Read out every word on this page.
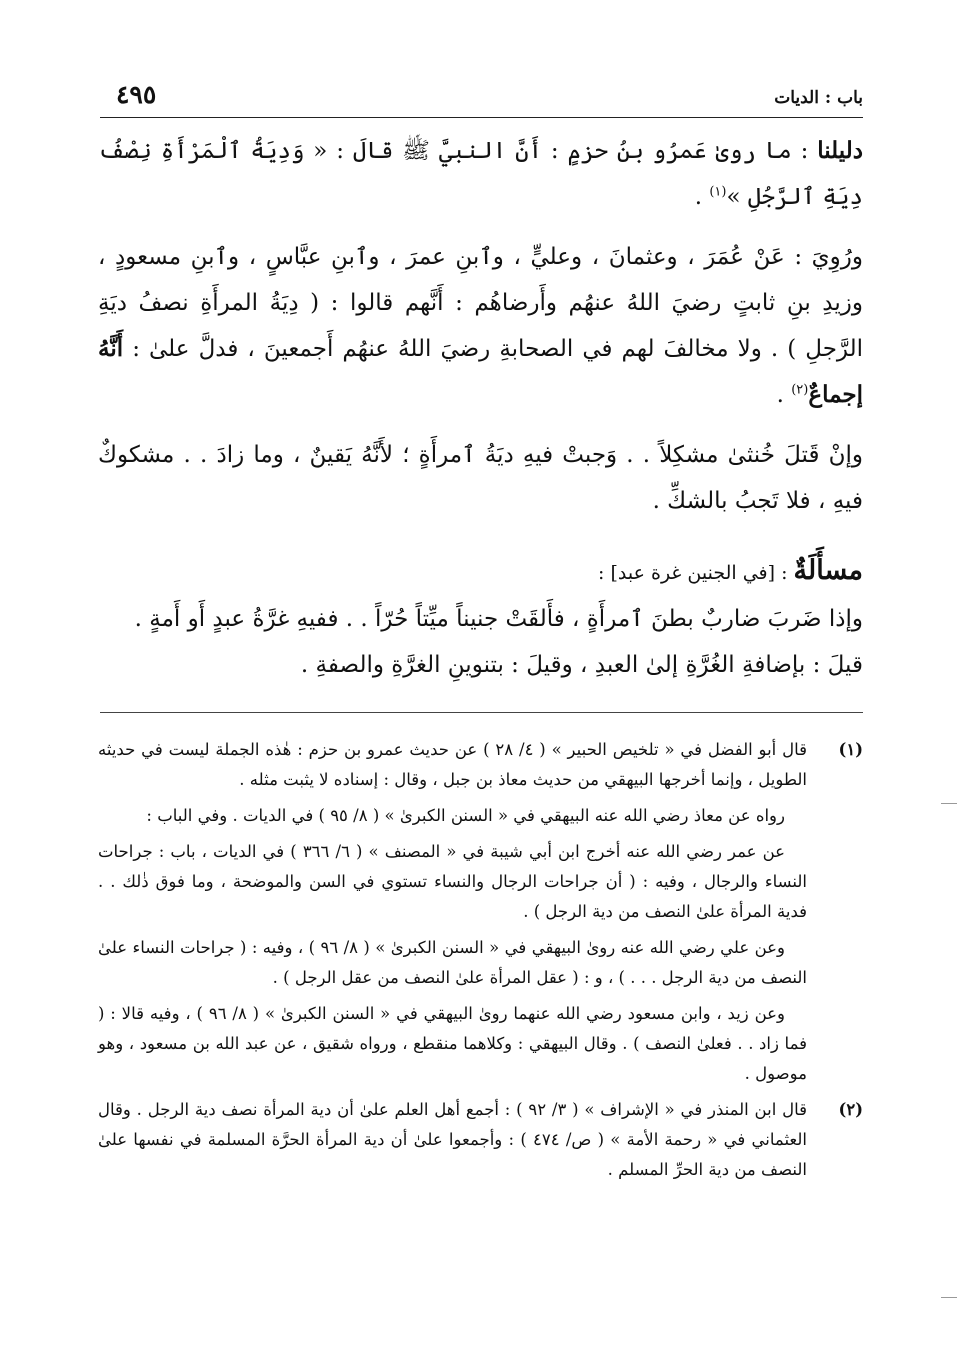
باب : الديات
٤٩٥

دليلنا : ما روىٰ عَمرُو بنُ حزمٍ : أَنَّ النبيَّ ﷺ قالَ : « وَدِيَةُ ٱلْمَرْأَةِ نِصْفُ دِيَةِ ٱلرَّجُلِ »$^{(١)}$ .

ورُوِيَ : عَنْ عُمَرَ ، وعثمانَ ، وعليٍّ ، وٱبنِ عمرَ ، وٱبنِ عبَّاسٍ ، وٱبنِ مسعودٍ ، وزيدِ بنِ ثابتٍ رضيَ اللهُ عنهُم وأَرضاهُم : أَنَّهم قالوا : ( دِيَةُ المرأَةِ نصفُ ديَةِ الرَّجلِ ) . ولا مخالفَ لهم في الصحابةِ رضيَ اللهُ عنهُم أَجمعينَ ، فدلَّ علىٰ : أَنَّهُ إجماعٌ$^{(٢)}$ .

وإنْ قَتلَ خُنثىٰ مشكِلاً . . وَجبتْ فيهِ ديَةُ ٱمرأَةٍ ؛ لأَنَّهُ يَقينٌ ، وما زادَ . . مشكوكٌ فيهِ ، فلا تَجبُ بالشكِّ .

مسأَلَةٌ : [في الجنين غرة عبد] :

وإذا ضَربَ ضاربٌ بطنَ ٱمرأَةٍ ، فأَلقَتْ جنيناً ميِّتاً حُرّاً . . ففيهِ غرَّةُ عبدٍ أَو أَمةٍ .

قيلَ : بإضافةِ الغُرَّةِ إلىٰ العبدِ ، وقيلَ : بتنوينِ الغرَّةِ والصفةِ .

(١)

قال أبو الفضل في « تلخيص الحبير » ( ٤/ ٢٨ ) عن حديث عمرو بن حزم : هٰذه الجملة ليست في حديثه الطويل ، وإنما أخرجها البيهقي من حديث معاذ بن جبل ، وقال : إسناده لا يثبت مثله .

رواه عن معاذ رضي الله عنه البيهقي في « السنن الكبرىٰ » ( ٨/ ٩٥ ) في الديات . وفي الباب :

عن عمر رضي الله عنه أخرج ابن أبي شيبة في « المصنف » ( ٦/ ٣٦٦ ) في الديات ، باب : جراحات النساء والرجال ، وفيه : ( أن جراحات الرجال والنساء تستوي في السن والموضحة ، وما فوق ذٰلك . . فدية المرأة علىٰ النصف من دية الرجل ) .

وعن علي رضي الله عنه روىٰ البيهقي في « السنن الكبرىٰ » ( ٨/ ٩٦ ) ، وفيه : ( جراحات النساء علىٰ النصف من دية الرجل . . . ) ، و : ( عقل المرأة علىٰ النصف من عقل الرجل ) .

وعن زيد ، وابن مسعود رضي الله عنهما روىٰ البيهقي في « السنن الكبرىٰ » ( ٨/ ٩٦ ) ، وفيه قالا : ( فما زاد . . فعلىٰ النصف ) . وقال البيهقي : وكلاهما منقطع ، ورواه شقيق ، عن عبد الله بن مسعود ، وهو موصول .

(٢)

قال ابن المنذر في « الإشراف » ( ٣/ ٩٢ ) : أجمع أهل العلم علىٰ أن دية المرأة نصف دية الرجل . وقال العثماني في « رحمة الأمة » ( ص/ ٤٧٤ ) : وأجمعوا علىٰ أن دية المرأة الحرَّة المسلمة في نفسها علىٰ النصف من دية الحرِّ المسلم .
